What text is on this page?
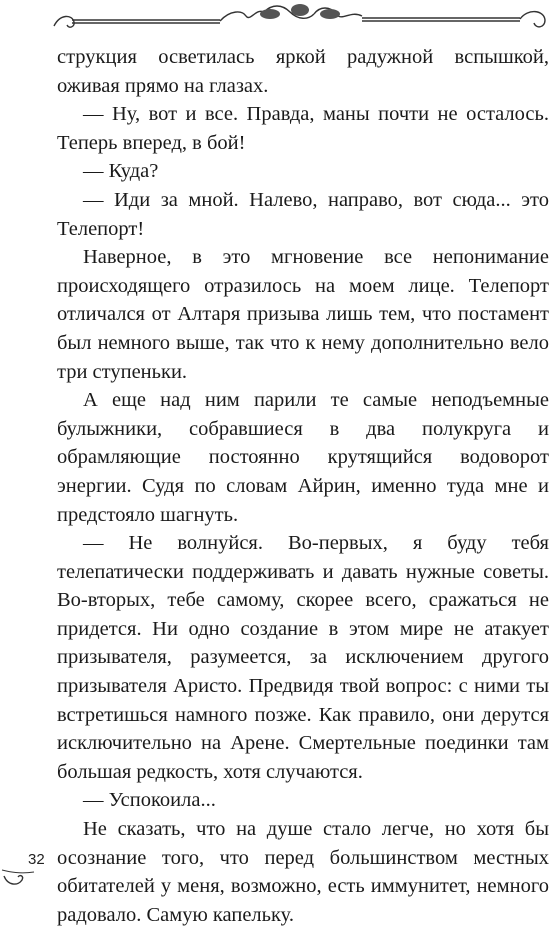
струкция осветилась яркой радужной вспышкой, оживая прямо на глазах.

— Ну, вот и все. Правда, маны почти не осталось. Теперь вперед, в бой!

— Куда?

— Иди за мной. Налево, направо, вот сюда... это Телепорт!

Наверное, в это мгновение все непонимание происходящего отразилось на моем лице. Телепорт отличался от Алтаря призыва лишь тем, что постамент был немного выше, так что к нему дополнительно вело три ступеньки.

А еще над ним парили те самые неподъемные булыжники, собравшиеся в два полукруга и обрамляющие постоянно крутящийся водоворот энергии. Судя по словам Айрин, именно туда мне и предстояло шагнуть.

— Не волнуйся. Во-первых, я буду тебя телепатически поддерживать и давать нужные советы. Во-вторых, тебе самому, скорее всего, сражаться не придется. Ни одно создание в этом мире не атакует призывателя, разумеется, за исключением другого призывателя Аристо. Предвидя твой вопрос: с ними ты встретишься намного позже. Как правило, они дерутся исключительно на Арене. Смертельные поединки там большая редкость, хотя случаются.

— Успокоила...

Не сказать, что на душе стало легче, но хотя бы осознание того, что перед большинством местных обитателей у меня, возможно, есть иммунитет, немного радовало. Самую капельку.

32
